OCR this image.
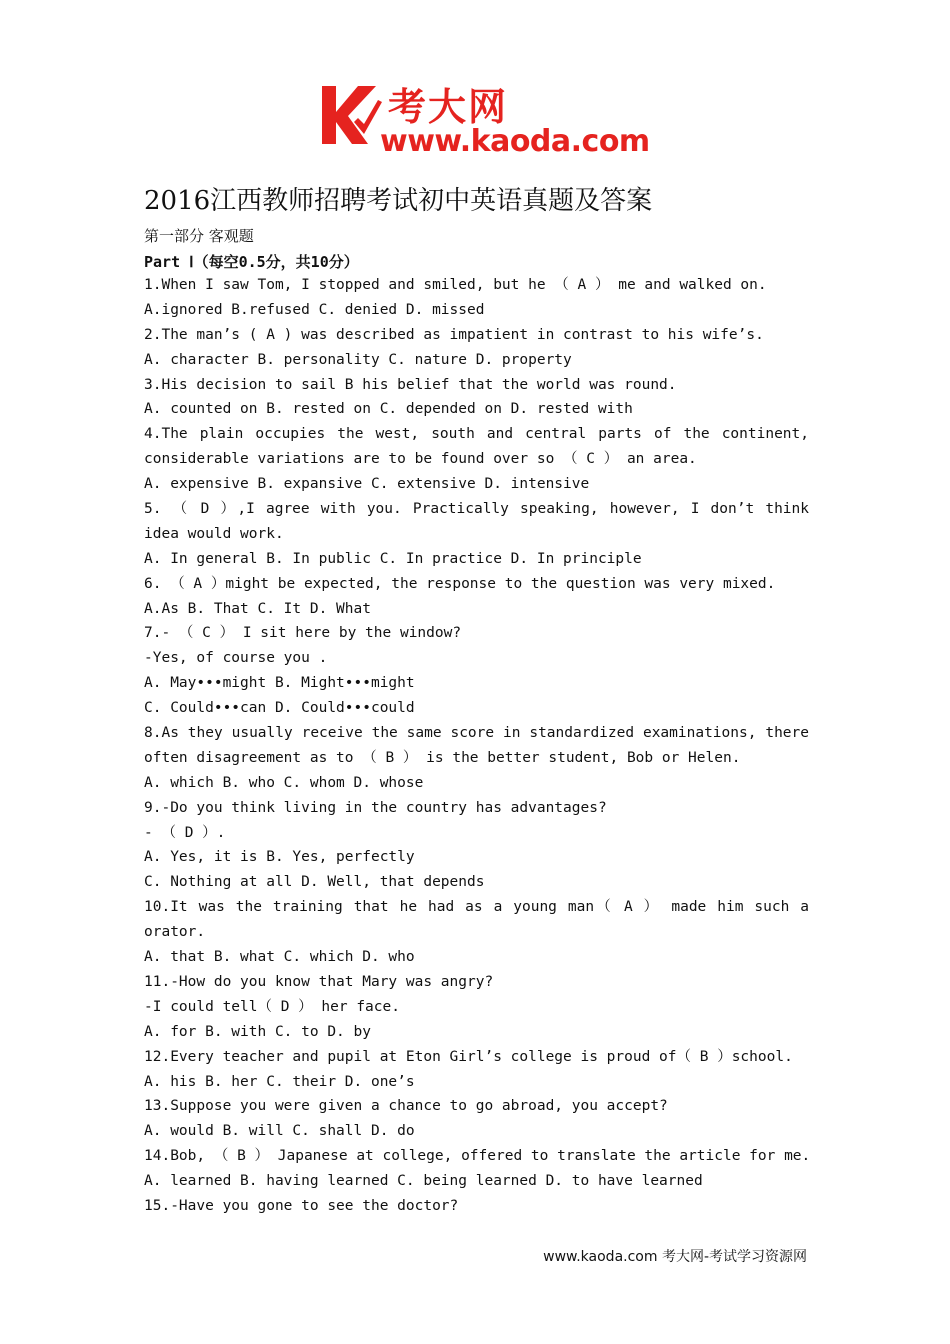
考大网
www.kaoda.com
2016江西教师招聘考试初中英语真题及答案
第一部分 客观题
Part Ⅰ（每空0.5分，共10分）
1.When I saw Tom, I stopped and smiled, but he （ A ） me and walked on.
A.ignored B.refused C. denied D. missed
2.The man’s ( A ) was described as impatient in contrast to his wife’s.
A. character B. personality C. nature D. property
3.His decision to sail B his belief that the world was round.
A. counted on B. rested on C. depended on D. rested with
4.The plain occupies the west, south and central parts of the continent,
considerable variations are to be found over so （ C ） an area.
A. expensive B. expansive C. extensive D. intensive
5. （ D ）,I agree with you. Practically speaking, however, I don’t think
idea would work.
A. In general B. In public C. In practice D. In principle
6. （ A ）might be expected, the response to the question was very mixed.
A.As B. That C. It D. What
7.- （ C ） I sit here by the window?
-Yes, of course you .
A. May•••might B. Might•••might
C. Could•••can D. Could•••could
8.As they usually receive the same score in standardized examinations, there
often disagreement as to （ B ） is the better student, Bob or Helen.
A. which B. who C. whom D. whose
9.-Do you think living in the country has advantages?
- （ D ）.
A. Yes, it is B. Yes, perfectly
C. Nothing at all D. Well, that depends
10.It was the training that he had as a young man（ A ） made him such a
orator.
A. that B. what C. which D. who
11.-How do you know that Mary was angry?
-I could tell（ D ） her face.
A. for B. with C. to D. by
12.Every teacher and pupil at Eton Girl’s college is proud of（ B ）school.
A. his B. her C. their D. one’s
13.Suppose you were given a chance to go abroad, you accept?
A. would B. will C. shall D. do
14.Bob, （ B ） Japanese at college, offered to translate the article for me.
A. learned B. having learned C. being learned D. to have learned
15.-Have you gone to see the doctor?
www.kaoda.com 考大网-考试学习资源网
